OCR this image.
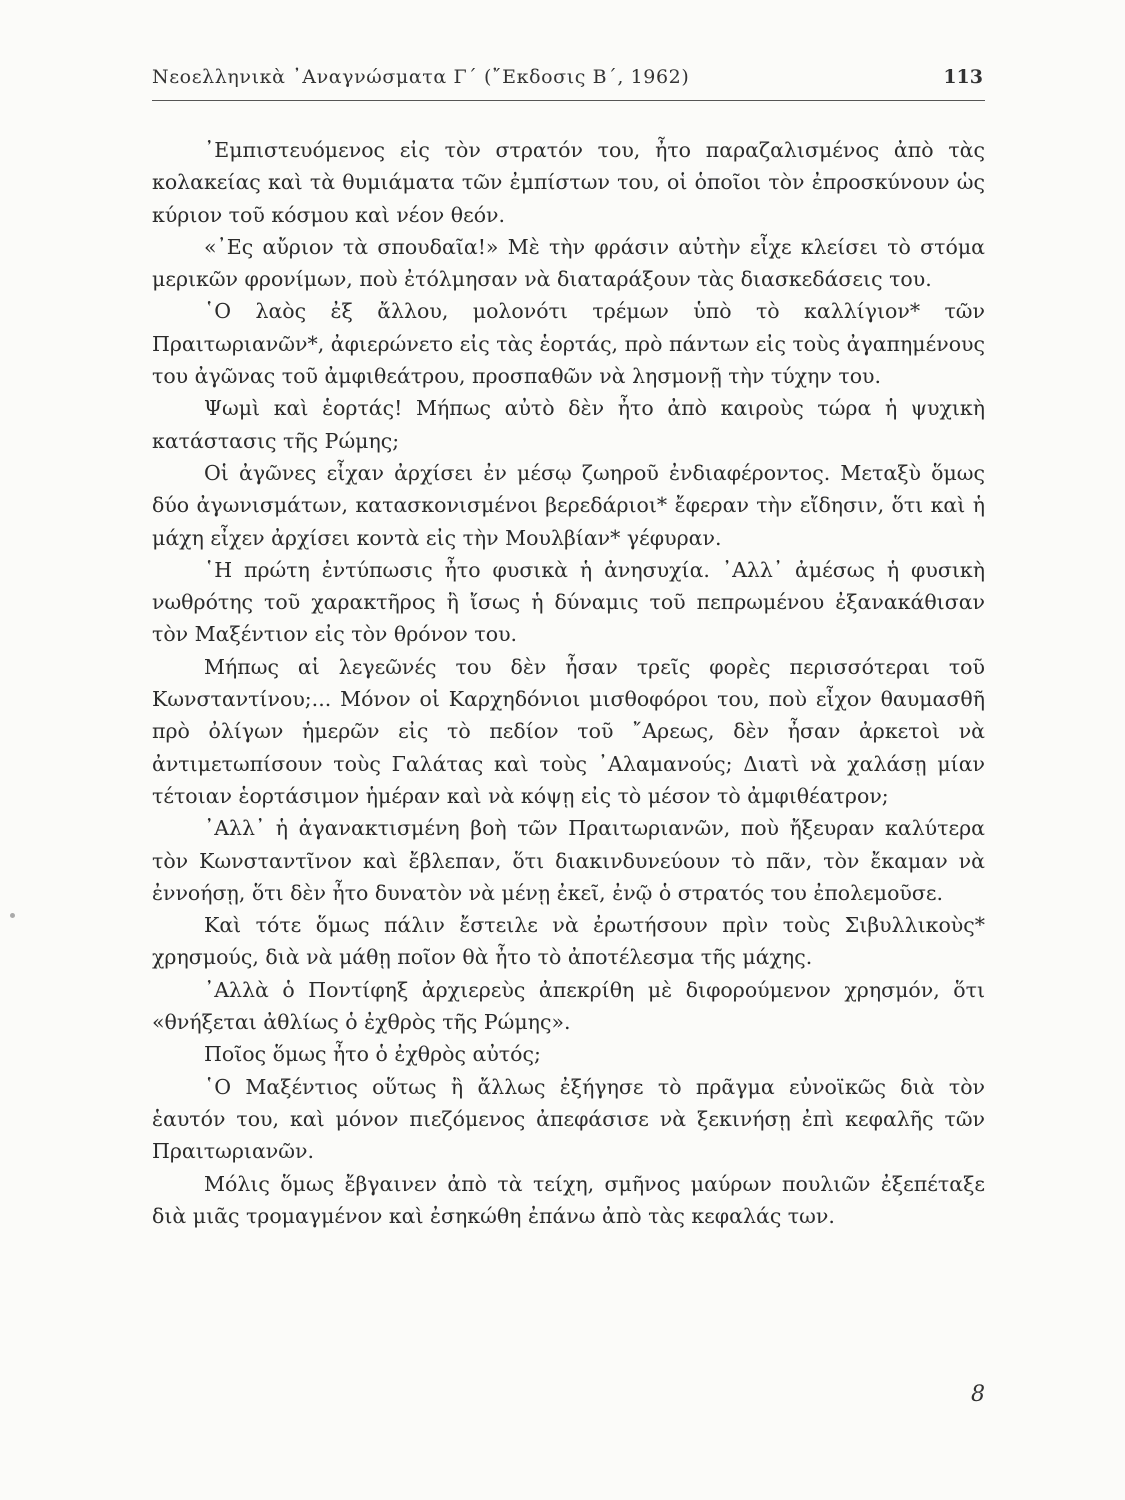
Νεοελληνικὰ ᾿Αναγνώσματα Γ΄ (῎Εκδοσις Β΄, 1962)	113

᾿Εμπιστευόμενος εἰς τὸν στρατόν του, ἦτο παραζαλισμένος ἀπὸ τὰς κολακείας καὶ τὰ θυμιάματα τῶν ἐμπίστων του, οἱ ὁποῖοι τὸν ἐπροσκύνουν ὡς κύριον τοῦ κόσμου καὶ νέον θεόν.

«᾿Ες αὔριον τὰ σπουδαῖα!» Μὲ τὴν φράσιν αὐτὴν εἶχε κλείσει τὸ στόμα μερικῶν φρονίμων, ποὺ ἐτόλμησαν νὰ διαταράξουν τὰς διασκεδάσεις του.

῾Ο λαὸς ἐξ ἄλλου, μολονότι τρέμων ὑπὸ τὸ καλλίγιον* τῶν Πραιτωριανῶν*, ἀφιερώνετο εἰς τὰς ἑορτάς, πρὸ πάντων εἰς τοὺς ἀγαπημένους του ἀγῶνας τοῦ ἀμφιθεάτρου, προσπαθῶν νὰ λησμονῇ τὴν τύχην του.

Ψωμὶ καὶ ἑορτάς! Μήπως αὐτὸ δὲν ἦτο ἀπὸ καιροὺς τώρα ἡ ψυχικὴ κατάστασις τῆς Ρώμης;

Οἱ ἀγῶνες εἶχαν ἀρχίσει ἐν μέσῳ ζωηροῦ ἐνδιαφέροντος. Μεταξὺ ὅμως δύο ἀγωνισμάτων, κατασκονισμένοι βερεδάριοι* ἔφεραν τὴν εἴδησιν, ὅτι καὶ ἡ μάχη εἶχεν ἀρχίσει κοντὰ εἰς τὴν Μουλβίαν* γέφυραν.

῾Η πρώτη ἐντύπωσις ἦτο φυσικὰ ἡ ἀνησυχία. ᾿Αλλ᾿ ἀμέσως ἡ φυσικὴ νωθρότης τοῦ χαρακτῆρος ἢ ἴσως ἡ δύναμις τοῦ πεπρωμένου ἐξανακάθισαν τὸν Μαξέντιον εἰς τὸν θρόνον του.

Μήπως αἱ λεγεῶνές του δὲν ἦσαν τρεῖς φορὲς περισσότεραι τοῦ Κωνσταντίνου;... Μόνον οἱ Καρχηδόνιοι μισθοφόροι του, ποὺ εἶχον θαυμασθῆ πρὸ ὀλίγων ἡμερῶν εἰς τὸ πεδίον τοῦ ῎Αρεως, δὲν ἦσαν ἀρκετοὶ νὰ ἀντιμετωπίσουν τοὺς Γαλάτας καὶ τοὺς ᾿Αλαμανούς; Διατὶ νὰ χαλάσῃ μίαν τέτοιαν ἑορτάσιμον ἡμέραν καὶ νὰ κόψῃ εἰς τὸ μέσον τὸ ἀμφιθέατρον;

᾿Αλλ᾿ ἡ ἀγανακτισμένη βοὴ τῶν Πραιτωριανῶν, ποὺ ἤξευραν καλύτερα τὸν Κωνσταντῖνον καὶ ἔβλεπαν, ὅτι διακινδυνεύουν τὸ πᾶν, τὸν ἔκαμαν νὰ ἐννοήσῃ, ὅτι δὲν ἦτο δυνατὸν νὰ μένῃ ἐκεῖ, ἐνῷ ὁ στρατός του ἐπολεμοῦσε.

Καὶ τότε ὅμως πάλιν ἔστειλε νὰ ἐρωτήσουν πρὶν τοὺς Σιβυλλικοὺς* χρησμούς, διὰ νὰ μάθῃ ποῖον θὰ ἦτο τὸ ἀποτέλεσμα τῆς μάχης.

᾿Αλλὰ ὁ Ποντίφηξ ἀρχιερεὺς ἀπεκρίθη μὲ διφορούμενον χρησμόν, ὅτι «θνήξεται ἀθλίως ὁ ἐχθρὸς τῆς Ρώμης».

Ποῖος ὅμως ἦτο ὁ ἐχθρὸς αὐτός;

῾Ο Μαξέντιος οὕτως ἢ ἄλλως ἐξήγησε τὸ πρᾶγμα εὐνοϊκῶς διὰ τὸν ἑαυτόν του, καὶ μόνον πιεζόμενος ἀπεφάσισε νὰ ξεκινήσῃ ἐπὶ κεφαλῆς τῶν Πραιτωριανῶν.

Μόλις ὅμως ἔβγαινεν ἀπὸ τὰ τείχη, σμῆνος μαύρων πουλιῶν ἐξεπέταξε διὰ μιᾶς τρομαγμένον καὶ ἐσηκώθη ἐπάνω ἀπὸ τὰς κεφαλάς των.

8
